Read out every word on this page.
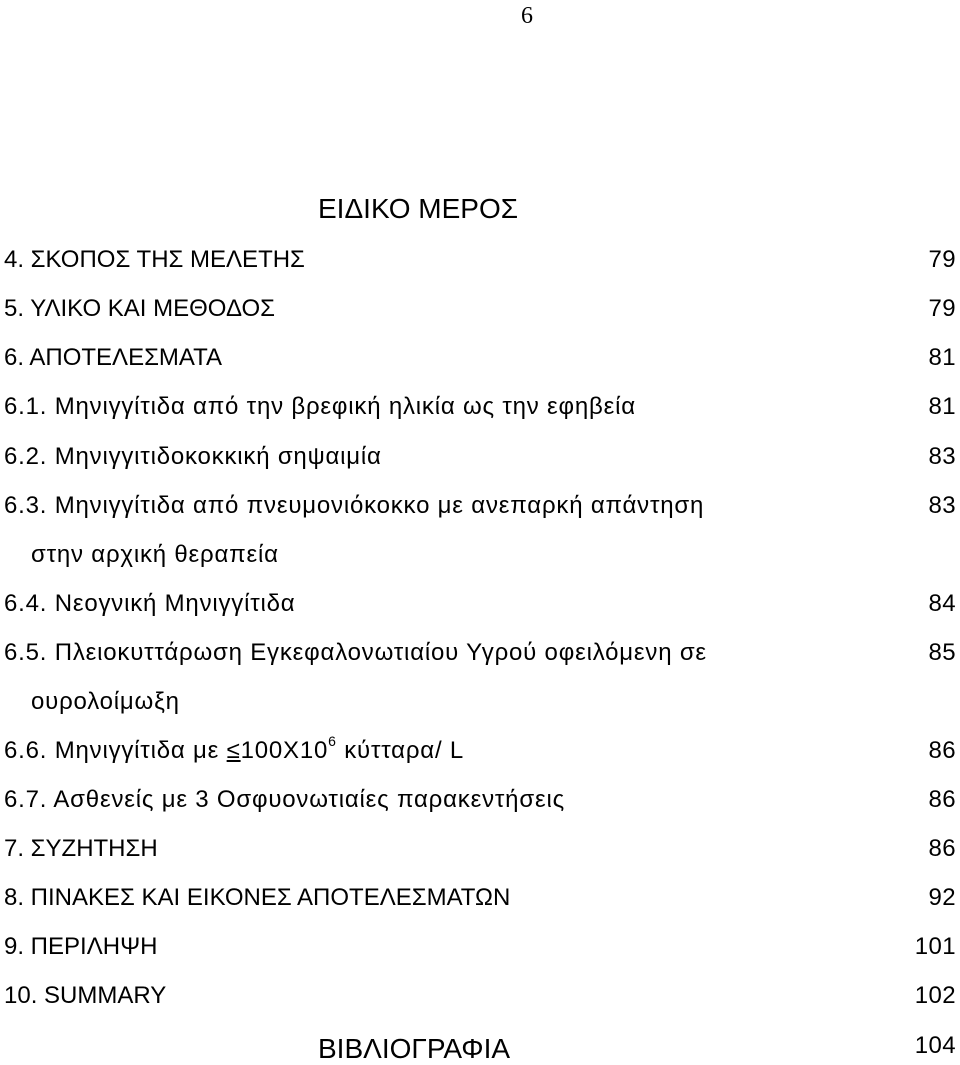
6
ΕΙΔΙΚΟ ΜΕΡΟΣ
4. ΣΚΟΠΟΣ ΤΗΣ ΜΕΛΕΤΗΣ	79
5. ΥΛΙΚΟ ΚΑΙ ΜΕΘΟΔΟΣ	79
6. ΑΠΟΤΕΛΕΣΜΑΤΑ	81
6.1. Μηνιγγίτιδα από την βρεφική ηλικία ως την εφηβεία	81
6.2. Μηνιγγιτιδοκοκκική σηψαιμία	83
6.3. Μηνιγγίτιδα από πνευμονιόκοκκο με ανεπαρκή απάντηση	83
στην αρχική θεραπεία
6.4. Νεογνική Μηνιγγίτιδα	84
6.5. Πλειοκυττάρωση Εγκεφαλονωτιαίου Υγρού οφειλόμενη σε	85
ουρολοίμωξη
6.6. Μηνιγγίτιδα $\mu\varepsilon \le 100X10^6$ κύτταρα/ L	86
6.7. Ασθενείς με 3 Οσφυονωτιαίες παρακεντήσεις	86
7. ΣΥΖΗΤΗΣΗ	86
8. ΠΙΝΑΚΕΣ ΚΑΙ ΕΙΚΟΝΕΣ ΑΠΟΤΕΛΕΣΜΑΤΩΝ	92
9. ΠΕΡΙΛΗΨΗ	101
10. SUMMARY	102
ΒΙΒΛΙΟΓΡΑΦΙΑ	104
